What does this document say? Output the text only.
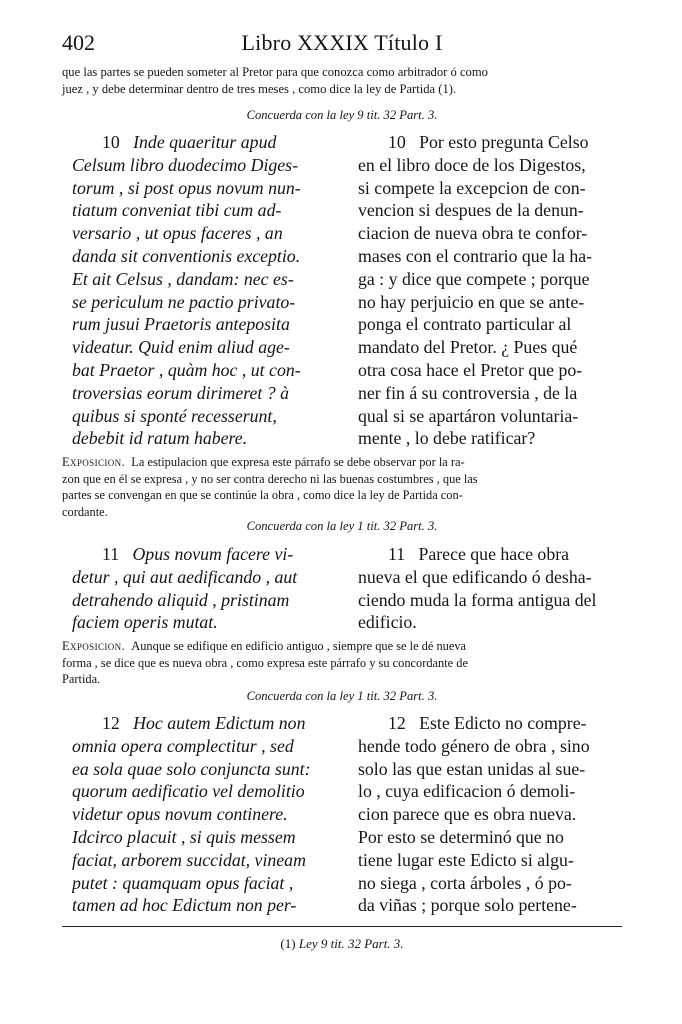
402	Libro XXXIX Título I
que las partes se pueden someter al Pretor para que conozca como arbitrador ó como
juez , y debe determinar dentro de tres meses , como dice la ley de Partida (1).
Concuerda con la ley 9 tit. 32 Part. 3.
10 Inde quaeritur apud
Celsum libro duodecimo Diges-
torum , si post opus novum nun-
tiatum conveniat tibi cum ad-
versario , ut opus faceres , an
danda sit conventionis exceptio.
Et ait Celsus , dandam: nec es-
se periculum ne pactio privato-
rum jusui Praetoris anteposita
videatur. Quid enim aliud age-
bat Praetor , quàm hoc , ut con-
troversias eorum dirimeret ? à
quibus si sponté recesserunt,
debebit id ratum habere.
10 Por esto pregunta Celso
en el libro doce de los Digestos,
si compete la excepcion de con-
vencion si despues de la denun-
ciacion de nueva obra te confor-
mases con el contrario que la ha-
ga : y dice que compete ; porque
no hay perjuicio en que se ante-
ponga el contrato particular al
mandato del Pretor. ¿ Pues qué
otra cosa hace el Pretor que po-
ner fin á su controversia , de la
qual si se apartáron voluntaria-
mente , lo debe ratificar?
Exposicion. La estipulacion que expresa este párrafo se debe observar por la ra-
zon que en él se expresa , y no ser contra derecho ni las buenas costumbres , que las
partes se convengan en que se continúe la obra , como dice la ley de Partida con-
cordante.
Concuerda con la ley 1 tit. 32 Part. 3.
11 Opus novum facere vi-
detur , qui aut aedificando , aut
detrahendo aliquid , pristinam
faciem operis mutat.
11 Parece que hace obra
nueva el que edificando ó desha-
ciendo muda la forma antigua del
edificio.
Exposicion. Aunque se edifique en edificio antiguo , siempre que se le dé nueva
forma , se dice que es nueva obra , como expresa este párrafo y su concordante de
Partida.
Concuerda con la ley 1 tit. 32 Part. 3.
12 Hoc autem Edictum non
omnia opera complectitur , sed
ea sola quae solo conjuncta sunt:
quorum aedificatio vel demolitio
videtur opus novum continere.
Idcirco placuit , si quis messem
faciat, arborem succidat, vineam
putet : quamquam opus faciat ,
tamen ad hoc Edictum non per-
12 Este Edicto no compre-
hende todo género de obra , sino
solo las que estan unidas al sue-
lo , cuya edificacion ó demoli-
cion parece que es obra nueva.
Por esto se determinó que no
tiene lugar este Edicto si algu-
no siega , corta árboles , ó po-
da viñas ; porque solo pertene-
(1) Ley 9 tit. 32 Part. 3.
